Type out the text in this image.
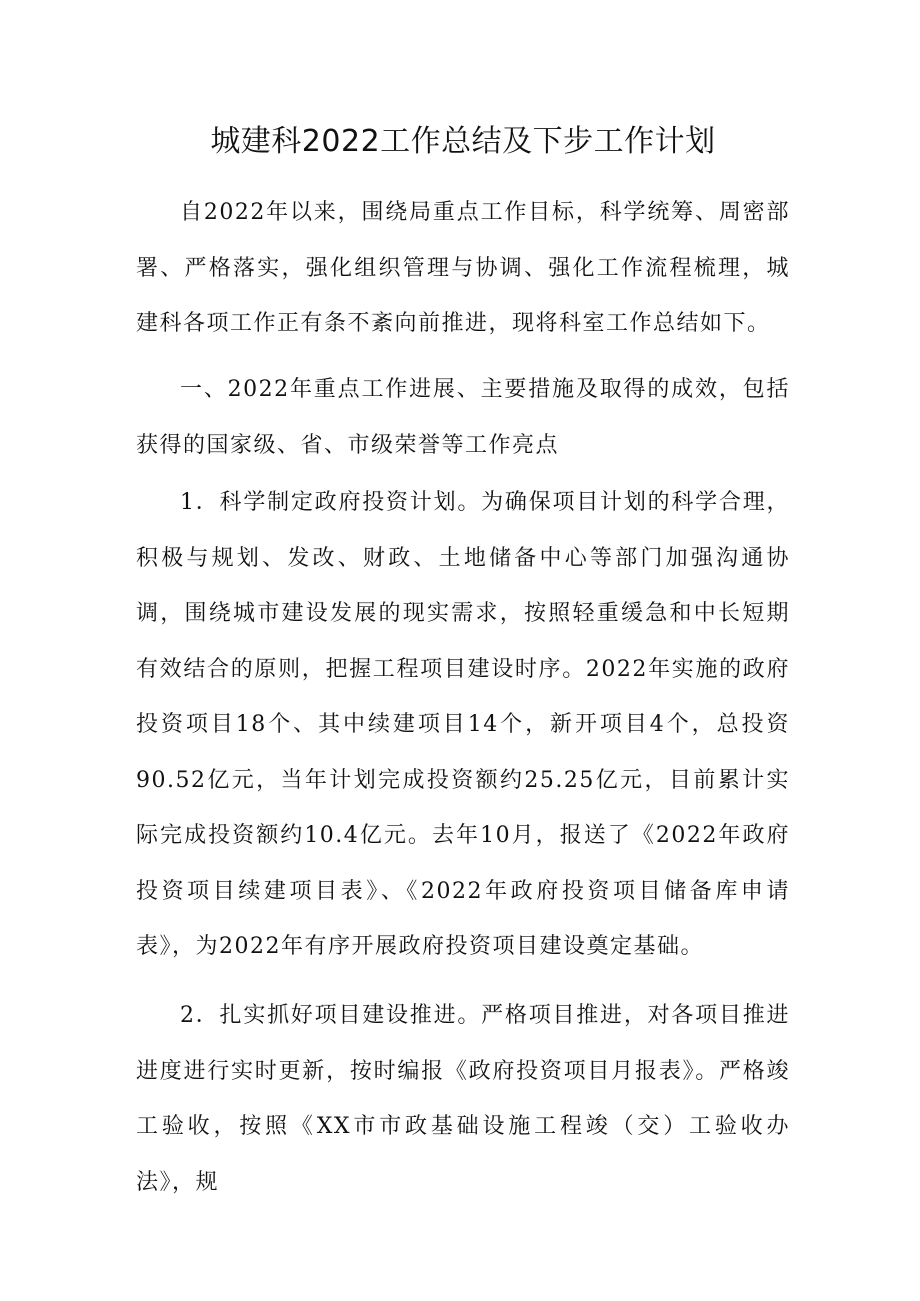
城建科2022工作总结及下步工作计划

自2022年以来，围绕局重点工作目标，科学统筹、周密部署、严格落实，强化组织管理与协调、强化工作流程梳理，城建科各项工作正有条不紊向前推进，现将科室工作总结如下。

一、2022年重点工作进展、主要措施及取得的成效，包括获得的国家级、省、市级荣誉等工作亮点

1．科学制定政府投资计划。为确保项目计划的科学合理，积极与规划、发改、财政、土地储备中心等部门加强沟通协调，围绕城市建设发展的现实需求，按照轻重缓急和中长短期有效结合的原则，把握工程项目建设时序。2022年实施的政府投资项目18个、其中续建项目14个，新开项目4个，总投资90.52亿元，当年计划完成投资额约25.25亿元，目前累计实际完成投资额约10.4亿元。去年10月，报送了《2022年政府投资项目续建项目表》、《2022年政府投资项目储备库申请表》，为2022年有序开展政府投资项目建设奠定基础。

2．扎实抓好项目建设推进。严格项目推进，对各项目推进进度进行实时更新，按时编报《政府投资项目月报表》。严格竣工验收，按照《XX市市政基础设施工程竣（交）工验收办法》，规
